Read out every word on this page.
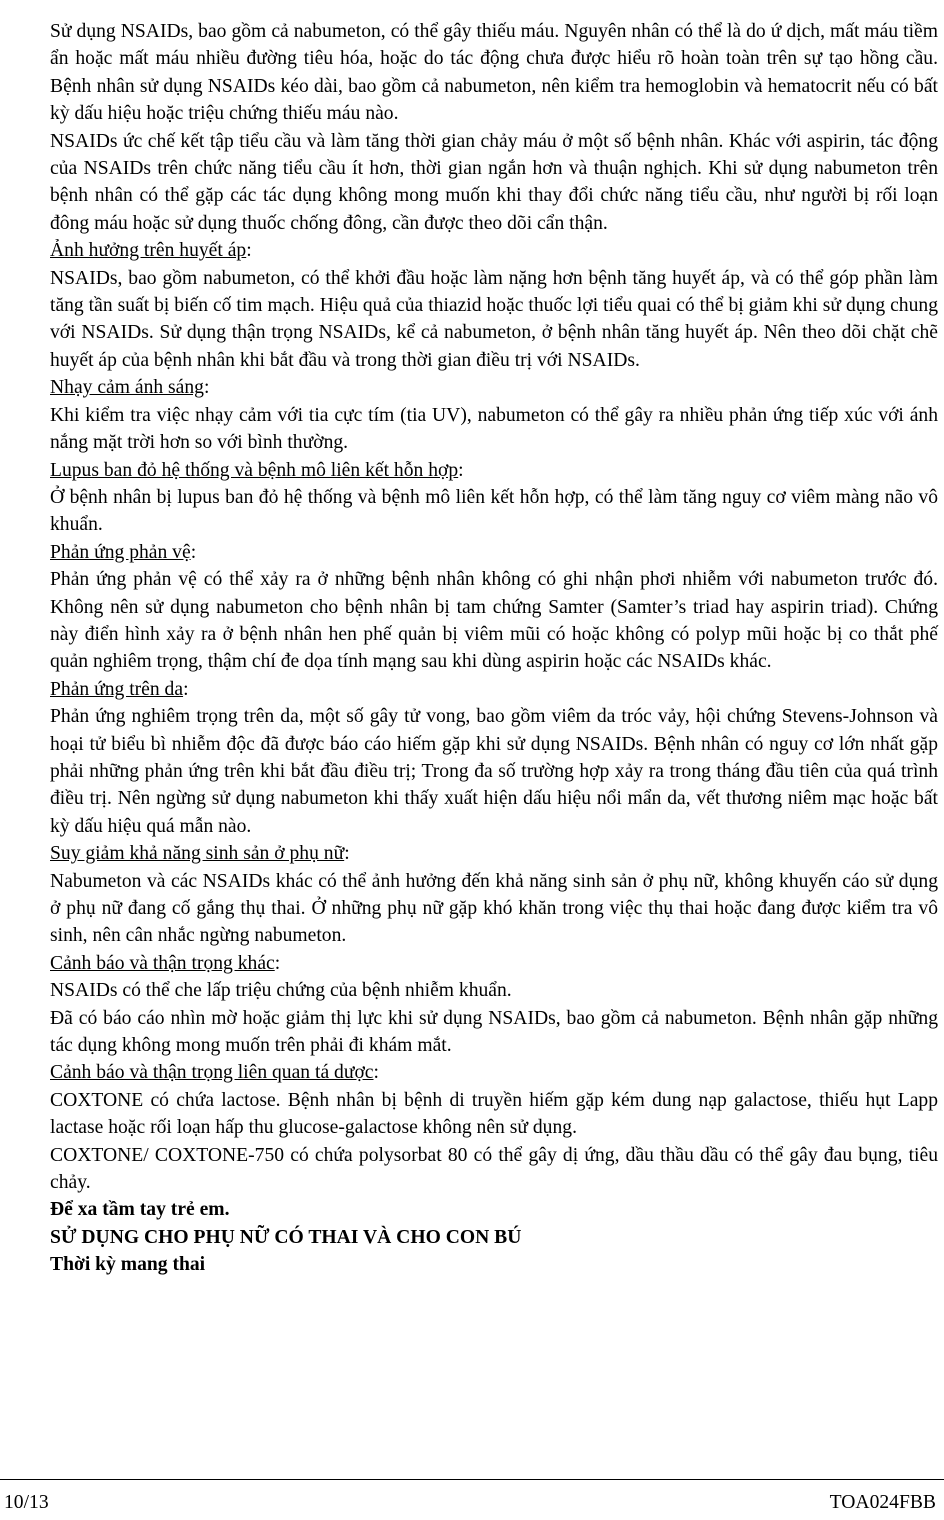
Sử dụng NSAIDs, bao gồm cả nabumeton, có thể gây thiếu máu. Nguyên nhân có thể là do ứ dịch, mất máu tiềm ẩn hoặc mất máu nhiều đường tiêu hóa, hoặc do tác động chưa được hiểu rõ hoàn toàn trên sự tạo hồng cầu. Bệnh nhân sử dụng NSAIDs kéo dài, bao gồm cả nabumeton, nên kiểm tra hemoglobin và hematocrit nếu có bất kỳ dấu hiệu hoặc triệu chứng thiếu máu nào.

NSAIDs ức chế kết tập tiểu cầu và làm tăng thời gian chảy máu ở một số bệnh nhân. Khác với aspirin, tác động của NSAIDs trên chức năng tiểu cầu ít hơn, thời gian ngắn hơn và thuận nghịch. Khi sử dụng nabumeton trên bệnh nhân có thể gặp các tác dụng không mong muốn khi thay đổi chức năng tiểu cầu, như người bị rối loạn đông máu hoặc sử dụng thuốc chống đông, cần được theo dõi cẩn thận.

Ảnh hưởng trên huyết áp:

NSAIDs, bao gồm nabumeton, có thể khởi đầu hoặc làm nặng hơn bệnh tăng huyết áp, và có thể góp phần làm tăng tần suất bị biến cố tim mạch. Hiệu quả của thiazid hoặc thuốc lợi tiểu quai có thể bị giảm khi sử dụng chung với NSAIDs. Sử dụng thận trọng NSAIDs, kể cả nabumeton, ở bệnh nhân tăng huyết áp. Nên theo dõi chặt chẽ huyết áp của bệnh nhân khi bắt đầu và trong thời gian điều trị với NSAIDs.

Nhạy cảm ánh sáng:

Khi kiểm tra việc nhạy cảm với tia cực tím (tia UV), nabumeton có thể gây ra nhiều phản ứng tiếp xúc với ánh nắng mặt trời hơn so với bình thường.

Lupus ban đỏ hệ thống và bệnh mô liên kết hỗn hợp:

Ở bệnh nhân bị lupus ban đỏ hệ thống và bệnh mô liên kết hỗn hợp, có thể làm tăng nguy cơ viêm màng não vô khuẩn.

Phản ứng phản vệ:

Phản ứng phản vệ có thể xảy ra ở những bệnh nhân không có ghi nhận phơi nhiễm với nabumeton trước đó. Không nên sử dụng nabumeton cho bệnh nhân bị tam chứng Samter (Samter’s triad hay aspirin triad). Chứng này điển hình xảy ra ở bệnh nhân hen phế quản bị viêm mũi có hoặc không có polyp mũi hoặc bị co thắt phế quản nghiêm trọng, thậm chí đe dọa tính mạng sau khi dùng aspirin hoặc các NSAIDs khác.

Phản ứng trên da:

Phản ứng nghiêm trọng trên da, một số gây tử vong, bao gồm viêm da tróc vảy, hội chứng Stevens-Johnson và hoại tử biểu bì nhiễm độc đã được báo cáo hiếm gặp khi sử dụng NSAIDs. Bệnh nhân có nguy cơ lớn nhất gặp phải những phản ứng trên khi bắt đầu điều trị; Trong đa số trường hợp xảy ra trong tháng đầu tiên của quá trình điều trị. Nên ngừng sử dụng nabumeton khi thấy xuất hiện dấu hiệu nổi mẩn da, vết thương niêm mạc hoặc bất kỳ dấu hiệu quá mẫn nào.

Suy giảm khả năng sinh sản ở phụ nữ:

Nabumeton và các NSAIDs khác có thể ảnh hưởng đến khả năng sinh sản ở phụ nữ, không khuyến cáo sử dụng ở phụ nữ đang cố gắng thụ thai. Ở những phụ nữ gặp khó khăn trong việc thụ thai hoặc đang được kiểm tra vô sinh, nên cân nhắc ngừng nabumeton.

Cảnh báo và thận trọng khác:

NSAIDs có thể che lấp triệu chứng của bệnh nhiễm khuẩn.

Đã có báo cáo nhìn mờ hoặc giảm thị lực khi sử dụng NSAIDs, bao gồm cả nabumeton. Bệnh nhân gặp những tác dụng không mong muốn trên phải đi khám mắt.

Cảnh báo và thận trọng liên quan tá dược:

COXTONE có chứa lactose. Bệnh nhân bị bệnh di truyền hiếm gặp kém dung nạp galactose, thiếu hụt Lapp lactase hoặc rối loạn hấp thu glucose-galactose không nên sử dụng.

COXTONE/ COXTONE-750 có chứa polysorbat 80 có thể gây dị ứng, dầu thầu dầu có thể gây đau bụng, tiêu chảy.

Để xa tầm tay trẻ em.
SỬ DỤNG CHO PHỤ NỮ CÓ THAI VÀ CHO CON BÚ
Thời kỳ mang thai
10/13	TOA024FBB
